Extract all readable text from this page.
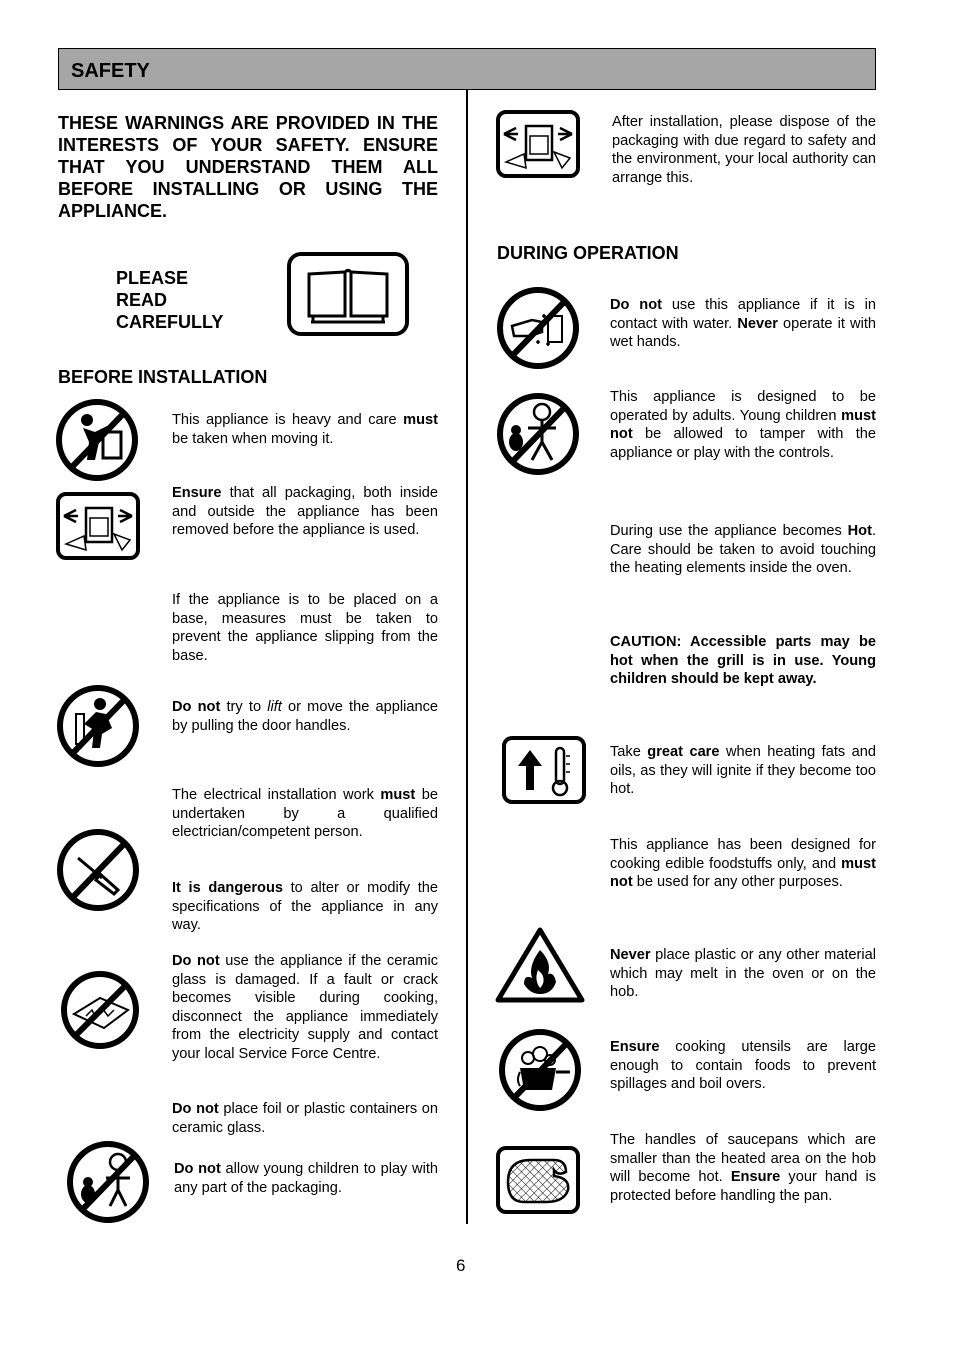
SAFETY
THESE WARNINGS ARE PROVIDED IN THE INTERESTS OF YOUR SAFETY. ENSURE THAT YOU UNDERSTAND THEM ALL BEFORE INSTALLING OR USING THE APPLIANCE.
PLEASE
READ
CAREFULLY
BEFORE INSTALLATION
This appliance is heavy and care must be taken when moving it.
Ensure that all packaging, both inside and outside the appliance has been removed before the appliance is used.
If the appliance is to be placed on a base, measures must be taken to prevent the appliance slipping from the base.
Do not try to lift or move the appliance by pulling the door handles.
The electrical installation work must be undertaken by a qualified electrician/competent person.
It is dangerous to alter or modify the specifications of the appliance in any way.
Do not use the appliance if the ceramic glass is damaged. If a fault or crack becomes visible during cooking, disconnect the appliance immediately from the electricity supply and contact your local Service Force Centre.
Do not place foil or plastic containers on ceramic glass.
Do not allow young children to play with any part of the packaging.
After installation, please dispose of the packaging with due regard to safety and the environment, your local authority can arrange this.
DURING OPERATION
Do not use this appliance if it is in contact with water. Never operate it with wet hands.
This appliance is designed to be operated by adults. Young children must not be allowed to tamper with the appliance or play with the controls.
During use the appliance becomes Hot. Care should be taken to avoid touching the heating elements inside the oven.
CAUTION: Accessible parts may be hot when the grill is in use. Young children should be kept away.
Take great care when heating fats and oils, as they will ignite if they become too hot.
This appliance has been designed for cooking edible foodstuffs only, and must not be used for any other purposes.
Never place plastic or any other material which may melt in the oven or on the hob.
Ensure cooking utensils are large enough to contain foods to prevent spillages and boil overs.
The handles of saucepans which are smaller than the heated area on the hob will become hot. Ensure your hand is protected before handling the pan.
6
